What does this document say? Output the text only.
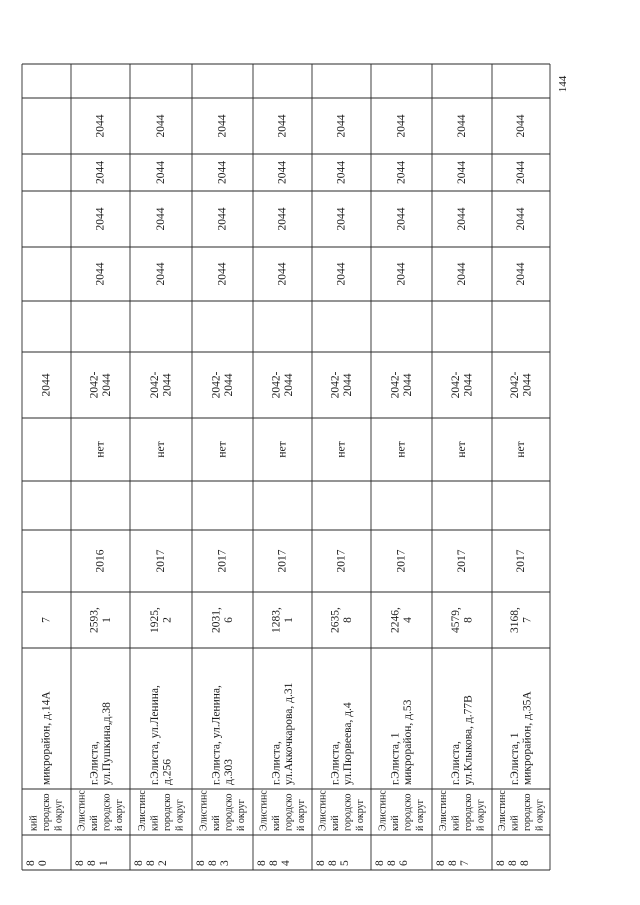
144
8 0
кий городско й округ
микрорайон, д.14А
7
2044
8 8 1
Элистинс кий городско й округ
г.Элиста, ул.Пушкина,д.38
2593, 1
2016
нет
2042- 2044
2044
2044
2044
2044
8 8 2
Элистинс кий городско й округ
г.Элиста, ул.Ленина, д.256
1925, 2
2017
нет
2042- 2044
2044
2044
2044
2044
8 8 3
Элистинс кий городско й округ
г.Элиста, ул.Ленина, д.303
2031, 6
2017
нет
2042- 2044
2044
2044
2044
2044
8 8 4
Элистинс кий городско й округ
г.Элиста, ул.Аккочкарова, д.31
1283, 1
2017
нет
2042- 2044
2044
2044
2044
2044
8 8 5
Элистинс кий городско й округ
г.Элиста, ул.Пюрвеева, д.4
2635, 8
2017
нет
2042- 2044
2044
2044
2044
2044
8 8 6
Элистинс кий городско й округ
г.Элиста, 1 микрорайон, д.53
2246, 4
2017
нет
2042- 2044
2044
2044
2044
2044
8 8 7
Элистинс кий городско й округ
г.Элиста, ул.Клыкова, д.77В
4579, 8
2017
нет
2042- 2044
2044
2044
2044
2044
8 8 8
Элистинс кий городско й округ
г.Элиста, 1 микрорайон, д.35А
3168, 7
2017
нет
2042- 2044
2044
2044
2044
2044
